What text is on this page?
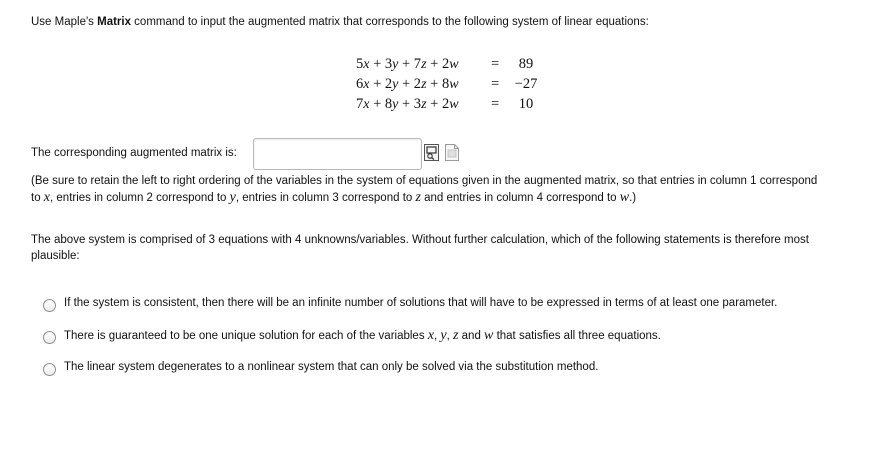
Use Maple's Matrix command to input the augmented matrix that corresponds to the following system of linear equations:
5x + 3y + 7z + 2w =	89
6x + 2y + 2z + 8w =	−27
7x + 8y + 3z + 2w =	10
The corresponding augmented matrix is:
(Be sure to retain the left to right ordering of the variables in the system of equations given in the augmented matrix, so that entries in column 1 correspond
to x, entries in column 2 correspond to y, entries in column 3 correspond to z and entries in column 4 correspond to w.)
The above system is comprised of 3 equations with 4 unknowns/variables. Without further calculation, which of the following statements is therefore most
plausible:
If the system is consistent, then there will be an infinite number of solutions that will have to be expressed in terms of at least one parameter.
There is guaranteed to be one unique solution for each of the variables x, y, z and w that satisfies all three equations.
The linear system degenerates to a nonlinear system that can only be solved via the substitution method.
